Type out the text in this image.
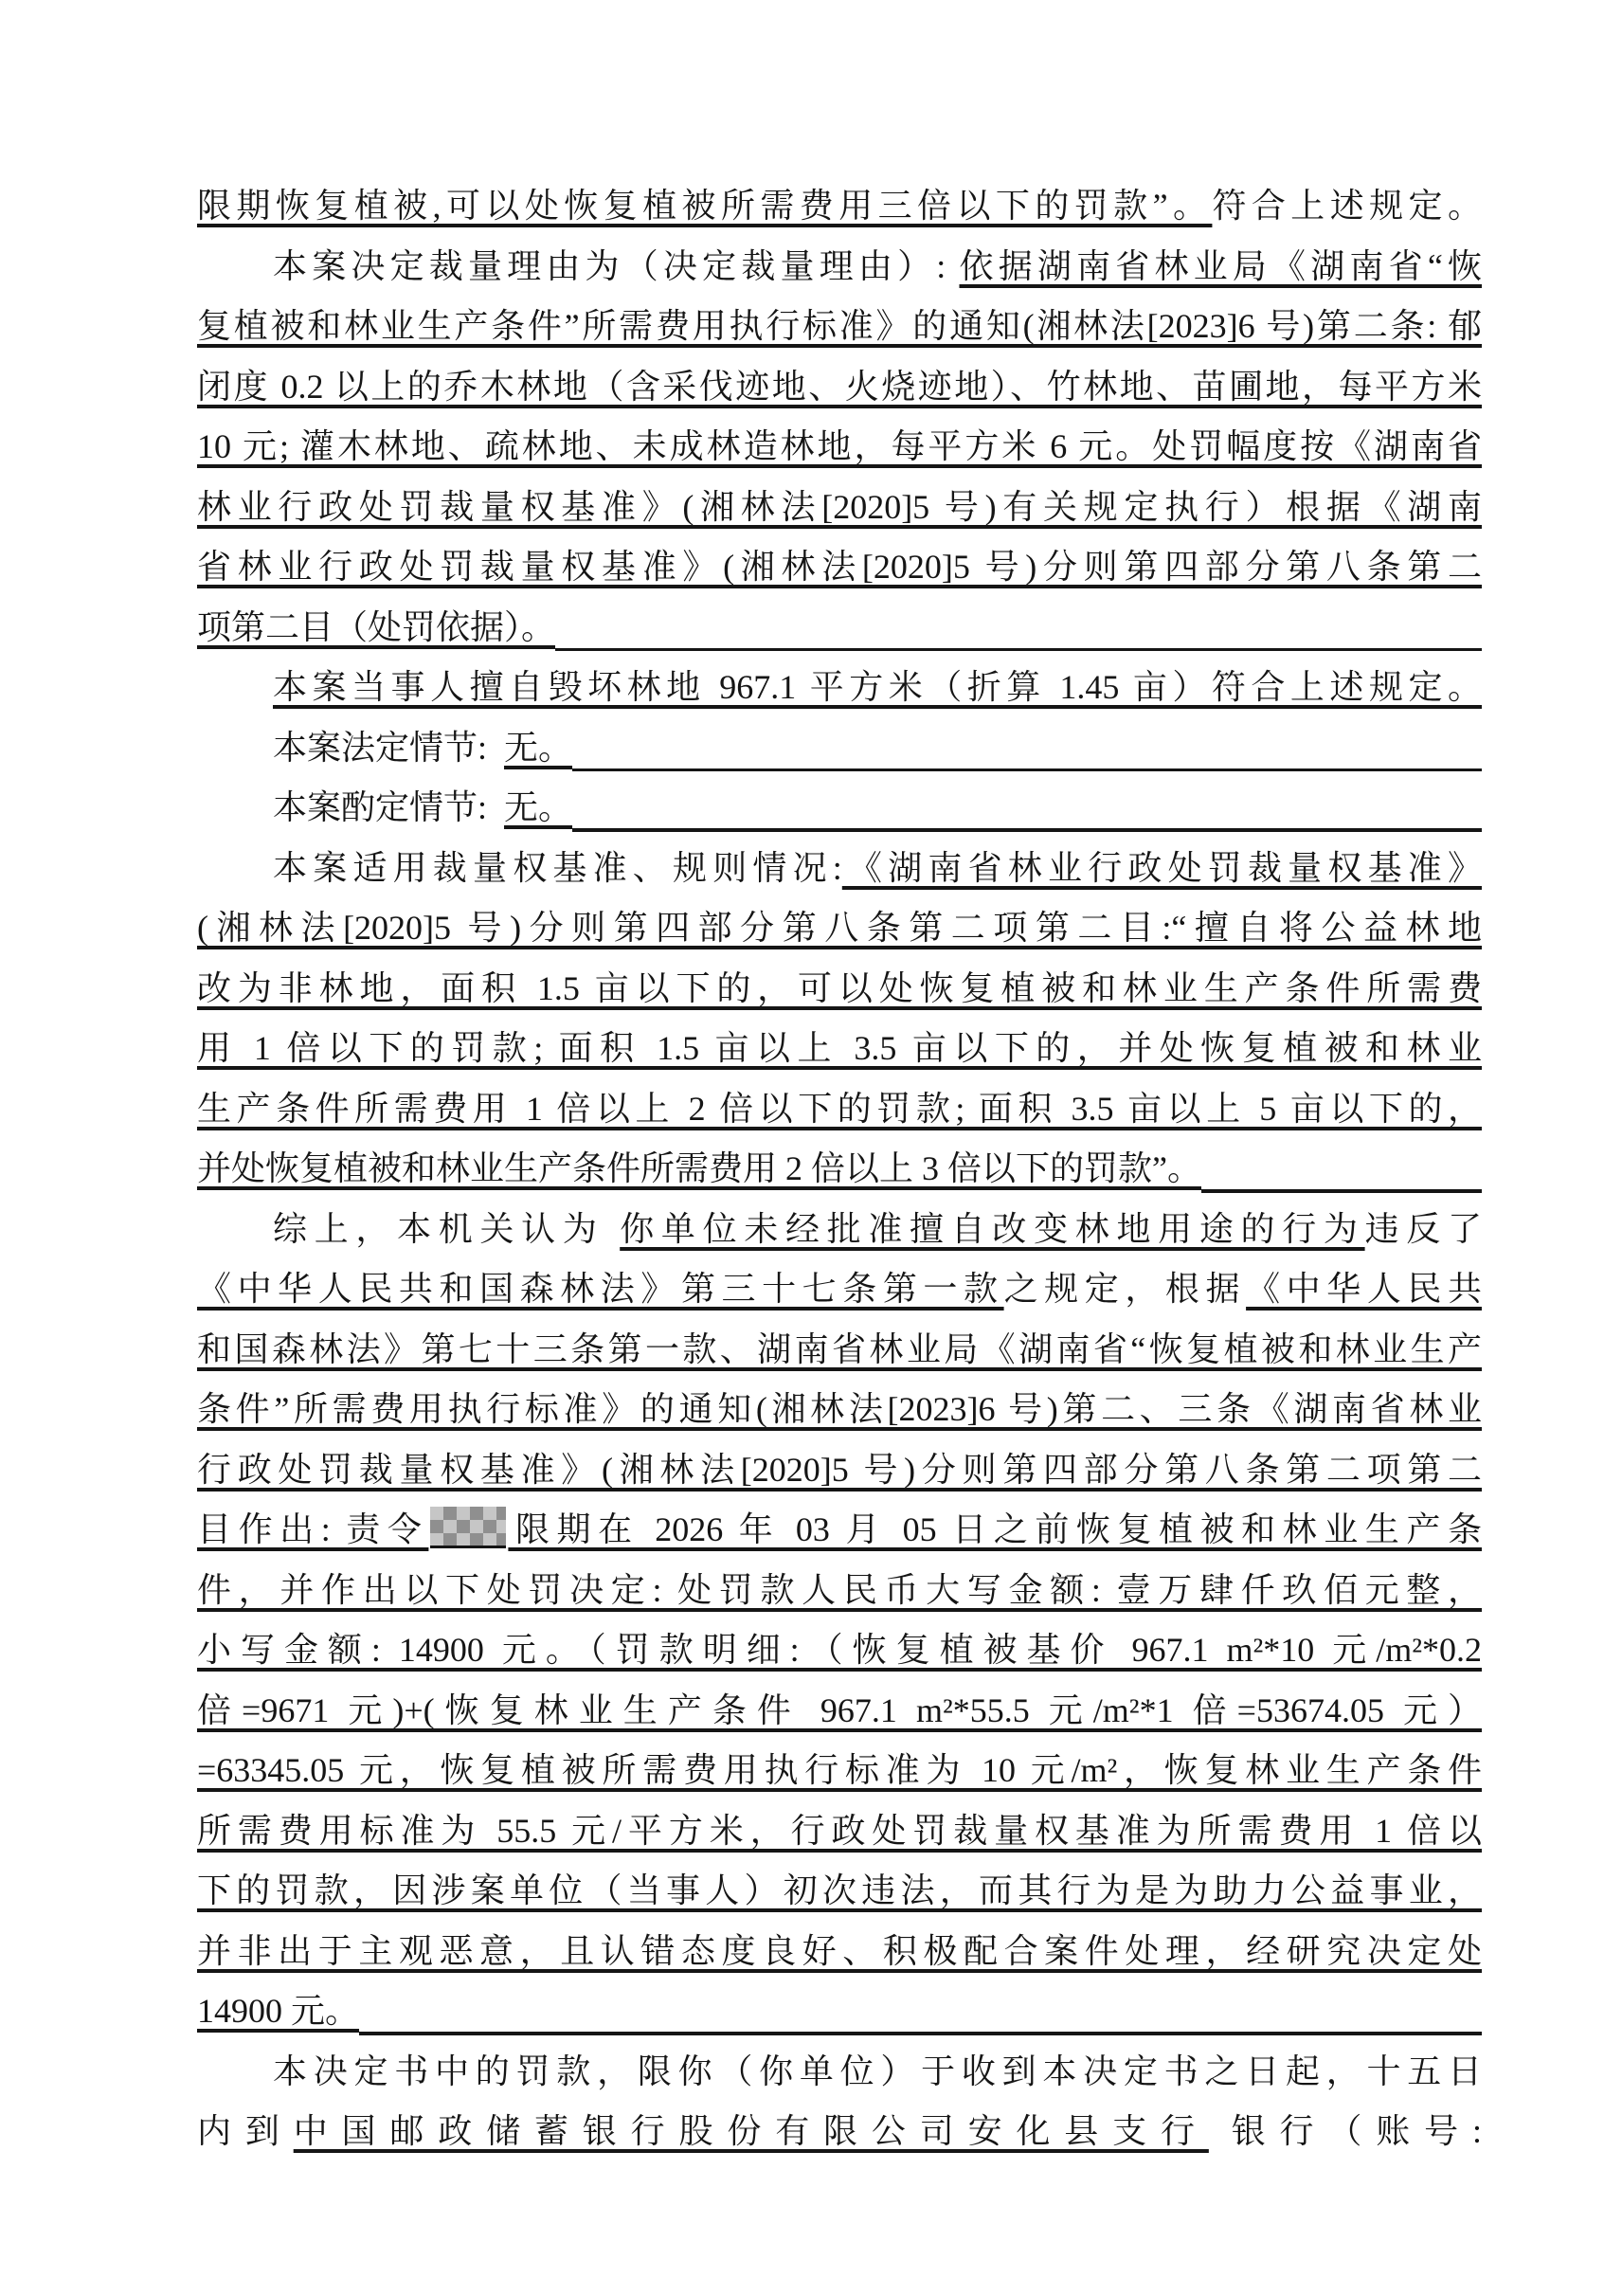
限期恢复植被,可以处恢复植被所需费用三倍以下的罚款”。符合上述规定。
本案决定裁量理由为（决定裁量理由）: 依据湖南省林业局《湖南省“恢
复植被和林业生产条件”所需费用执行标准》的通知(湘林法[2023]6 号)第二条: 郁
闭度 0.2 以上的乔木林地（含采伐迹地、火烧迹地）、竹林地、苗圃地，每平方米
10 元; 灌木林地、疏林地、未成林造林地，每平方米 6 元。处罚幅度按《湖南省
林业行政处罚裁量权基准》(湘林法[2020]5 号)有关规定执行）根据《湖南
省林业行政处罚裁量权基准》(湘林法[2020]5 号)分则第四部分第八条第二
项第二目（处罚依据）。
本案当事人擅自毁坏林地 967.1 平方米（折算 1.45 亩）符合上述规定。
本案法定情节: 无。
本案酌定情节: 无。
本案适用裁量权基准、规则情况:《湖南省林业行政处罚裁量权基准》
(湘林法[2020]5 号)分则第四部分第八条第二项第二目:“擅自将公益林地
改为非林地，面积 1.5 亩以下的，可以处恢复植被和林业生产条件所需费
用 1 倍以下的罚款; 面积 1.5 亩以上 3.5 亩以下的，并处恢复植被和林业
生产条件所需费用 1 倍以上 2 倍以下的罚款; 面积 3.5 亩以上 5 亩以下的，
并处恢复植被和林业生产条件所需费用 2 倍以上 3 倍以下的罚款”。
综上，本机关认为 你单位未经批准擅自改变林地用途的行为违反了
《中华人民共和国森林法》第三十七条第一款之规定，根据《中华人民共
和国森林法》第七十三条第一款、湖南省林业局《湖南省“恢复植被和林业生产
条件”所需费用执行标准》的通知(湘林法[2023]6 号)第二、三条《湖南省林业
行政处罚裁量权基准》(湘林法[2020]5 号)分则第四部分第八条第二项第二
目作出: 责令 限期在 2026 年 03 月 05 日之前恢复植被和林业生产条
件，并作出以下处罚决定: 处罚款人民币大写金额: 壹万肆仟玖佰元整，
小写金额: 14900 元。（罚款明细:（恢复植被基价 967.1 m²*10 元/m²*0.2
倍=9671 元)+(恢复林业生产条件 967.1 m²*55.5 元/m²*1 倍=53674.05 元）
=63345.05 元，恢复植被所需费用执行标准为 10 元/m²，恢复林业生产条件
所需费用标准为 55.5 元/平方米，行政处罚裁量权基准为所需费用 1 倍以
下的罚款，因涉案单位（当事人）初次违法，而其行为是为助力公益事业，
并非出于主观恶意，且认错态度良好、积极配合案件处理，经研究决定处
14900 元。
本决定书中的罚款，限你（你单位）于收到本决定书之日起，十五日
内到中国邮政储蓄银行股份有限公司安化县支行 银行（账号:
